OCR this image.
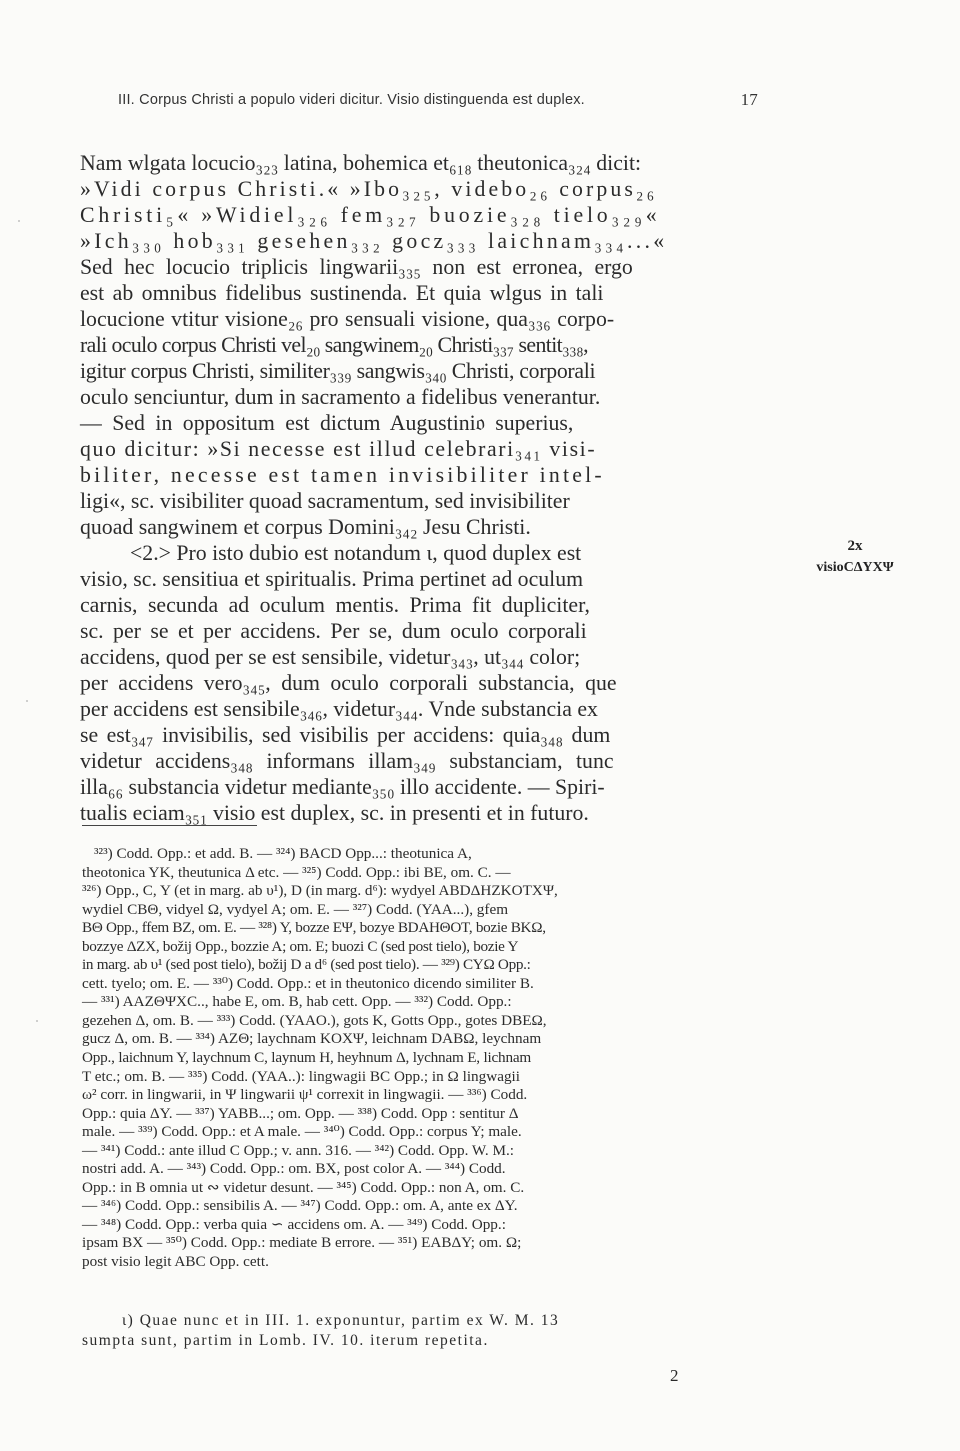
III. Corpus Christi a populo videri dicitur. Visio distinguenda est duplex.	17
Nam wlgata locucio₃₂₃ latina, bohemica et₆₁₈ theutonica₃₂₄ dicit:
»Vidi corpus Christi.« »Ibo₃₂₅, videbo₂₆ corpus₂₆
Christi₅« »Widiel₃₂₆ fem₃₂₇ buozie₃₂₈ tielo₃₂₉«
»Ich₃₃₀ hob₃₃₁ gesehen₃₃₂ gocz₃₃₃ laichnam₃₃₄...«
Sed hec locucio triplicis lingwarii₃₃₅ non est erronea, ergo
est ab omnibus fidelibus sustinenda. Et quia wlgus in tali
locucione vtitur visione₂₆ pro sensuali visione, qua₃₃₆ corpo-
rali oculo corpus Christi vel₂₀ sangwinem₂₀ Christi₃₃₇ sentit₃₃₈,
igitur corpus Christi, similiter₃₃₉ sangwis₃₄₀ Christi, corporali
oculo senciuntur, dum in sacramento a fidelibus venerantur.
— Sed in oppositum est dictum Augustini𝔬 superius,
quo dicitur: »Si necesse est illud celebrari₃₄₁ visi-
biliter, necesse est tamen invisibiliter intel-
ligi«, sc. visibiliter quoad sacramentum, sed invisibiliter
quoad sangwinem et corpus Domini₃₄₂ Jesu Christi.
<2.> Pro isto dubio est notandum ι, quod duplex est
visio, sc. sensitiua et spiritualis. Prima pertinet ad oculum
carnis, secunda ad oculum mentis. Prima fit dupliciter,
sc. per se et per accidens. Per se, dum oculo corporali
accidens, quod per se est sensibile, videtur₃₄₃, ut₃₄₄ color;
per accidens vero₃₄₅, dum oculo corporali substancia, que
per accidens est sensibile₃₄₆, videtur₃₄₄. Vnde substancia ex
se est₃₄₇ invisibilis, sed visibilis per accidens: quia₃₄₈ dum
videtur accidens₃₄₈ informans illam₃₄₉ substanciam, tunc
illa₆₆ substancia videtur mediante₃₅₀ illo accidente. — Spiri-
tualis eciam₃₅₁ visio est duplex, sc. in presenti et in futuro.
2x
visioCΔYXΨ
³²³) Codd. Opp.: et add. B. — ³²⁴) BACD Opp...: theotunica A,
theotonica YK, theutunica Δ etc. — ³²⁵) Codd. Opp.: ibi BE, om. C. —
³²⁶) Opp., C, Y (et in marg. ab υ¹), D (in marg. d⁶): wydyel ABDΔHZKOTXΨ,
wydiel CBΘ, vidyel Ω, vydyel A; om. E. — ³²⁷) Codd. (YAA...), gfem
BΘ Opp., ffem BZ, om. E. — ³²⁸) Y, bozze EΨ, bozye BDAHΘOT, bozie BKΩ,
bozzye ΔZX, božij Opp., bozzie A; om. E; buozi C (sed post tielo), bozie Y
in marg. ab υ¹ (sed post tielo), božij D a d⁶ (sed post tielo). — ³²⁹) CYΩ Opp.:
cett. tyelo; om. E. — ³³⁰) Codd. Opp.: et in theutonico dicendo similiter B.
— ³³¹) AAZΘΨXC.., habe E, om. B, hab cett. Opp. — ³³²) Codd. Opp.:
gezehen Δ, om. B. — ³³³) Codd. (YAAO.), gots K, Gotts Opp., gotes DBEΩ,
gucz Δ, om. B. — ³³⁴) AZΘ; laychnam KOXΨ, leichnam DABΩ, leychnam
Opp., laichnum Y, laychnum C, laynum H, heyhnum Δ, lychnam E, lichnam
T etc.; om. B. — ³³⁵) Codd. (YAA..): lingwagii BC Opp.; in Ω lingwagii
ω² corr. in lingwarii, in Ψ lingwarii ψ¹ correxit in lingwagii. — ³³⁶) Codd.
Opp.: quia ΔY. — ³³⁷) YABB...; om. Opp. — ³³⁸) Codd. Opp : sentitur Δ
male. — ³³⁹) Codd. Opp.: et A male. — ³⁴⁰) Codd. Opp.: corpus Y; male.
— ³⁴¹) Codd.: ante illud C Opp.; v. ann. 316. — ³⁴²) Codd. Opp. W. M.:
nostri add. A. — ³⁴³) Codd. Opp.: om. BX, post color A. — ³⁴⁴) Codd.
Opp.: in B omnia ut ∾ videtur desunt. — ³⁴⁵) Codd. Opp.: non A, om. C.
— ³⁴⁶) Codd. Opp.: sensibilis A. — ³⁴⁷) Codd. Opp.: om. A, ante ex ΔY.
— ³⁴⁸) Codd. Opp.: verba quia ∽ accidens om. A. — ³⁴⁹) Codd. Opp.:
ipsam BX — ³⁵⁰) Codd. Opp.: mediate B errore. — ³⁵¹) EABΔY; om. Ω;
post visio legit ABC Opp. cett.
ι) Quae nunc et in III. 1. exponuntur, partim ex W. M. 13
sumpta sunt, partim in Lomb. IV. 10. iterum repetita.
2
